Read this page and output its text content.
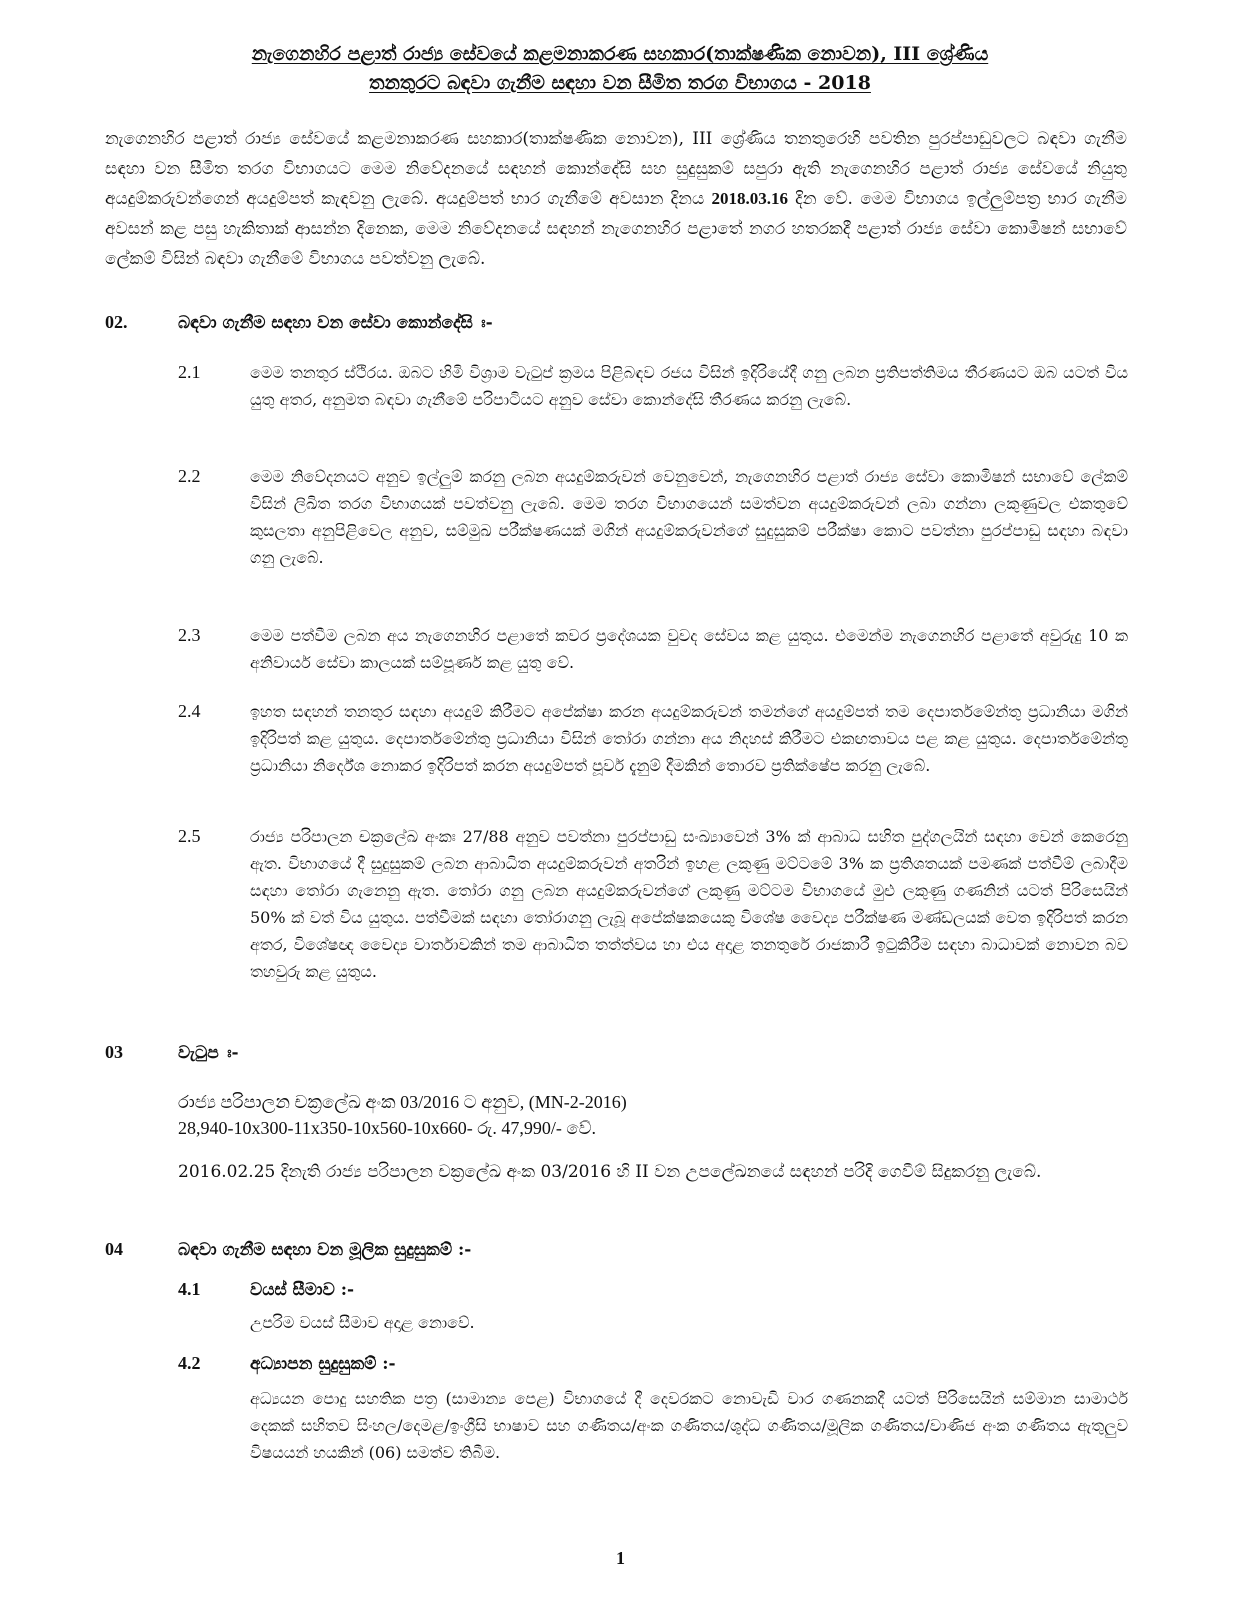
නැගෙනහිර පළාත් රාජ්‍ය සේවයේ කළමනාකරණ සහකාර(තාක්ෂණික නොවන), III ශ්‍රේණිය
තනතුරට බඳවා ගැනීම සඳහා වන සීමිත තරග විභාගය - 2018

නැගෙනහිර පළාත් රාජ්‍ය සේවයේ කළමනාකරණ සහකාර(තාක්ෂණික නොවන), III ශ්‍රේණිය තනතුරෙහි පවතින පුරප්පාඩුවලට බඳවා ගැනීම සඳහා වන සීමිත තරග විභාගයට මෙම නිවේදනයේ සඳහන් කොන්දේසි සහ සුදුසුකම් සපුරා ඇති නැගෙනහිර පළාත් රාජ්‍ය සේවයේ නියුතු අයදුම්කරුවන්ගෙන් අයදුම්පත් කැඳවනු ලැබේ. අයදුම්පත් භාර ගැනීමේ අවසාන දිනය 2018.03.16 දින වේ. මෙම විභාගය ඉල්ලුම්පත්‍ර භාර ගැනීම අවසන් කළ පසු හැකිතාක් ආසන්න දිනෙක, මෙම නිවේදනයේ සඳහන් නැගෙනහිර පළාතේ නගර හතරකදී පළාත් රාජ්‍ය සේවා කොමිෂන් සභාවේ ලේකම් විසින් බඳවා ගැනීමේ විභාගය පවත්වනු ලැබේ.

02.	බඳවා ගැනීම සඳහා වන සේවා කොන්දේසි ඃ-
2.1	මෙම තනතුර ස්ථිරය. ඔබට හිමි විශ්‍රාම වැටුප් ක්‍රමය පිළිබඳව රජය විසින් ඉදිරියේදී ගනු ලබන ප්‍රතිපත්තිමය තීරණයට ඔබ යටත් විය යුතු අතර, අනුමත බඳවා ගැනීමේ පරිපාටියට අනුව සේවා කොන්දේසි තීරණය කරනු ලැබේ.

2.2	මෙම නිවේදනයට අනුව ඉල්ලුම් කරනු ලබන අයදුම්කරුවන් වෙනුවෙන්, නැගෙනහිර පළාත් රාජ්‍ය සේවා කොමිෂන් සභාවේ ලේකම් විසින් ලිඛිත තරග විභාගයක් පවත්වනු ලැබේ. මෙම තරග විභාගයෙන් සමත්වන අයදුම්කරුවන් ලබා ගන්නා ලකුණුවල එකතුවේ කුසලතා අනුපිළිවෙල අනුව, සම්මුඛ පරීක්ෂණයක් මගින් අයදුම්කරුවන්ගේ සුදුසුකම් පරීක්ෂා කොට පවත්නා පුරප්පාඩු සඳහා බඳවා ගනු ලැබේ.

2.3	මෙම පත්වීම ලබන අය නැගෙනහිර පළාතේ කවර ප්‍රදේශයක වුවද සේවය කළ යුතුය. එමෙන්ම නැගෙනහිර පළාතේ අවුරුදු 10 ක අනිවාර්ය සේවා කාලයක් සම්පූර්ණ කළ යුතු වේ.

2.4	ඉහත සඳහන් තනතුර සඳහා අයදුම් කිරීමට අපේක්ෂා කරන අයදුම්කරුවන් තමන්ගේ අයදුම්පත් තම දෙපාර්තමේන්තු ප්‍රධානියා මගින් ඉදිරිපත් කළ යුතුය. දෙපාර්තමේන්තු ප්‍රධානියා විසින් තෝරා ගන්නා අය නිදහස් කිරීමට එකඟතාවය පළ කළ යුතුය. දෙපාර්තමේන්තු ප්‍රධානියා නිර්දේශ නොකර ඉදිරිපත් කරන අයදුම්පත් පූර්ව දැනුම් දීමකින් තොරව ප්‍රතික්ෂේප කරනු ලැබේ.

2.5	රාජ්‍ය පරිපාලන චක්‍රලේඛ අංකඃ 27/88 අනුව පවත්නා පුරප්පාඩු සංඛ්‍යාවෙන් 3% ක් ආබාධ සහිත පුද්ගලයින් සඳහා වෙන් කෙරෙනු ඇත. විභාගයේ දී සුදුසුකම් ලබන ආබාධිත අයදුම්කරුවන් අතරින් ඉහළ ලකුණු මට්ටමේ 3% ක ප්‍රතිශතයක් පමණක් පත්වීම් ලබාදීම සඳහා තෝරා ගැනෙනු ඇත. තෝරා ගනු ලබන අයදුම්කරුවන්ගේ ලකුණු මට්ටම විභාගයේ මුළු ලකුණු ගණනින් යටත් පිරිසෙයින් 50% ක් වත් විය යුතුය. පත්වීමක් සඳහා තෝරාගනු ලැබූ අපේක්ෂකයෙකු විශේෂ වෛද්‍ය පරීක්ෂණ මණ්ඩලයක් වෙත ඉදිරිපත් කරන අතර, විශේෂඥ වෛද්‍ය වාර්තාවකින් තම ආබාධිත තත්ත්වය හා එය අදාළ තනතුරේ රාජකාරී ඉටුකිරීම සඳහා බාධාවක් නොවන බව තහවුරු කළ යුතුය.

03	වැටුප ඃ-
රාජ්‍ය පරිපාලන චක්‍රලේඛ අංක 03/2016 ට අනුව, (MN-2-2016)
28,940-10x300-11x350-10x560-10x660- රු. 47,990/- වේ.

2016.02.25 දිනැති රාජ්‍ය පරිපාලන චක්‍රලේඛ අංක 03/2016 හි II වන උපලේඛනයේ සඳහන් පරිදි ගෙවීම් සිදුකරනු ලැබේ.

04	බඳවා ගැනීම සඳහා වන මූලික සුදුසුකම් :-
4.1	වයස් සීමාව :-

උපරිම වයස් සීමාව අදාළ නොවේ.

4.2	අධ්‍යාපන සුදුසුකම් :-

අධ්‍යයන පොදු සහතික පත්‍ර (සාමාන්‍ය පෙළ) විභාගයේ දී දෙවරකට නොවැඩි වාර ගණනකදී යටත් පිරිසෙයින් සම්මාන සාමාර්ථ දෙකක් සහිතව සිංහල/දෙමළ/ඉංග්‍රීසි භාෂාව සහ ගණිතය/අංක ගණිතය/ශුද්ධ ගණිතය/මූලික ගණිතය/වාණිජ අංක ගණිතය ඇතුලුව විෂයයන් හයකින් (06) සමත්ව තිබීම.

1
